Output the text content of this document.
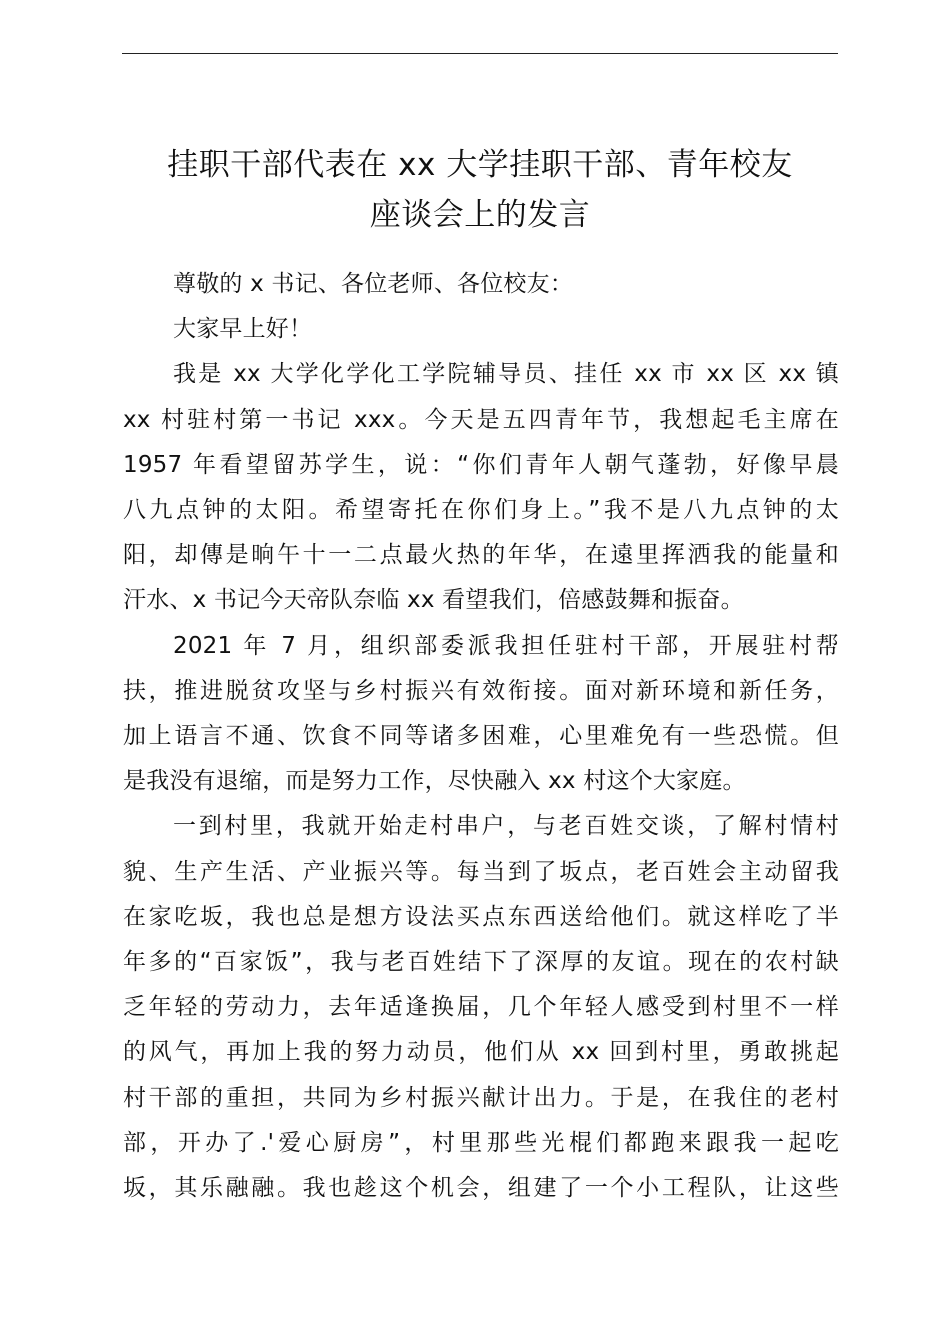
挂职干部代表在 xx 大学挂职干部、青年校友
座谈会上的发言

尊敬的 x 书记、各位老师、各位校友：

大家早上好！

我是 xx 大学化学化工学院辅导员、挂任 xx 市 xx 区 xx 镇
xx 村驻村第一书记 xxx。今天是五四青年节，我想起毛主席在
1957 年看望留苏学生，说：“你们青年人朝气蓬勃，好像早晨
八九点钟的太阳。希望寄托在你们身上。”我不是八九点钟的太
阳，却傳是晌午十一二点最火热的年华，在遠里挥洒我的能量和
汗水、x 书记今天帝队奈临 xx 看望我们，倍感鼓舞和振奋。

2021 年 7 月，组织部委派我担任驻村干部，开展驻村帮
扶，推进脱贫攻坚与乡村振兴有效衔接。面对新环境和新任务，
加上语言不通、饮食不同等诸多困难，心里难免有一些恐慌。但
是我没有退缩，而是努力工作，尽快融入 xx 村这个大家庭。

一到村里，我就开始走村串户，与老百姓交谈，了解村情村
貌、生产生活、产业振兴等。每当到了坂点，老百姓会主动留我
在家吃坂，我也总是想方设法买点东西送给他们。就这样吃了半
年多的“百家饭”，我与老百姓结下了深厚的友谊。现在的农村缺
乏年轻的劳动力，去年适逢换届，几个年轻人感受到村里不一样
的风气，再加上我的努力动员，他们从 xx 回到村里，勇敢挑起
村干部的重担，共同为乡村振兴献计出力。于是，在我住的老村
部，开办了.'爱心厨房”，村里那些光棍们都跑来跟我一起吃
坂，其乐融融。我也趁这个机会，组建了一个小工程队，让这些
